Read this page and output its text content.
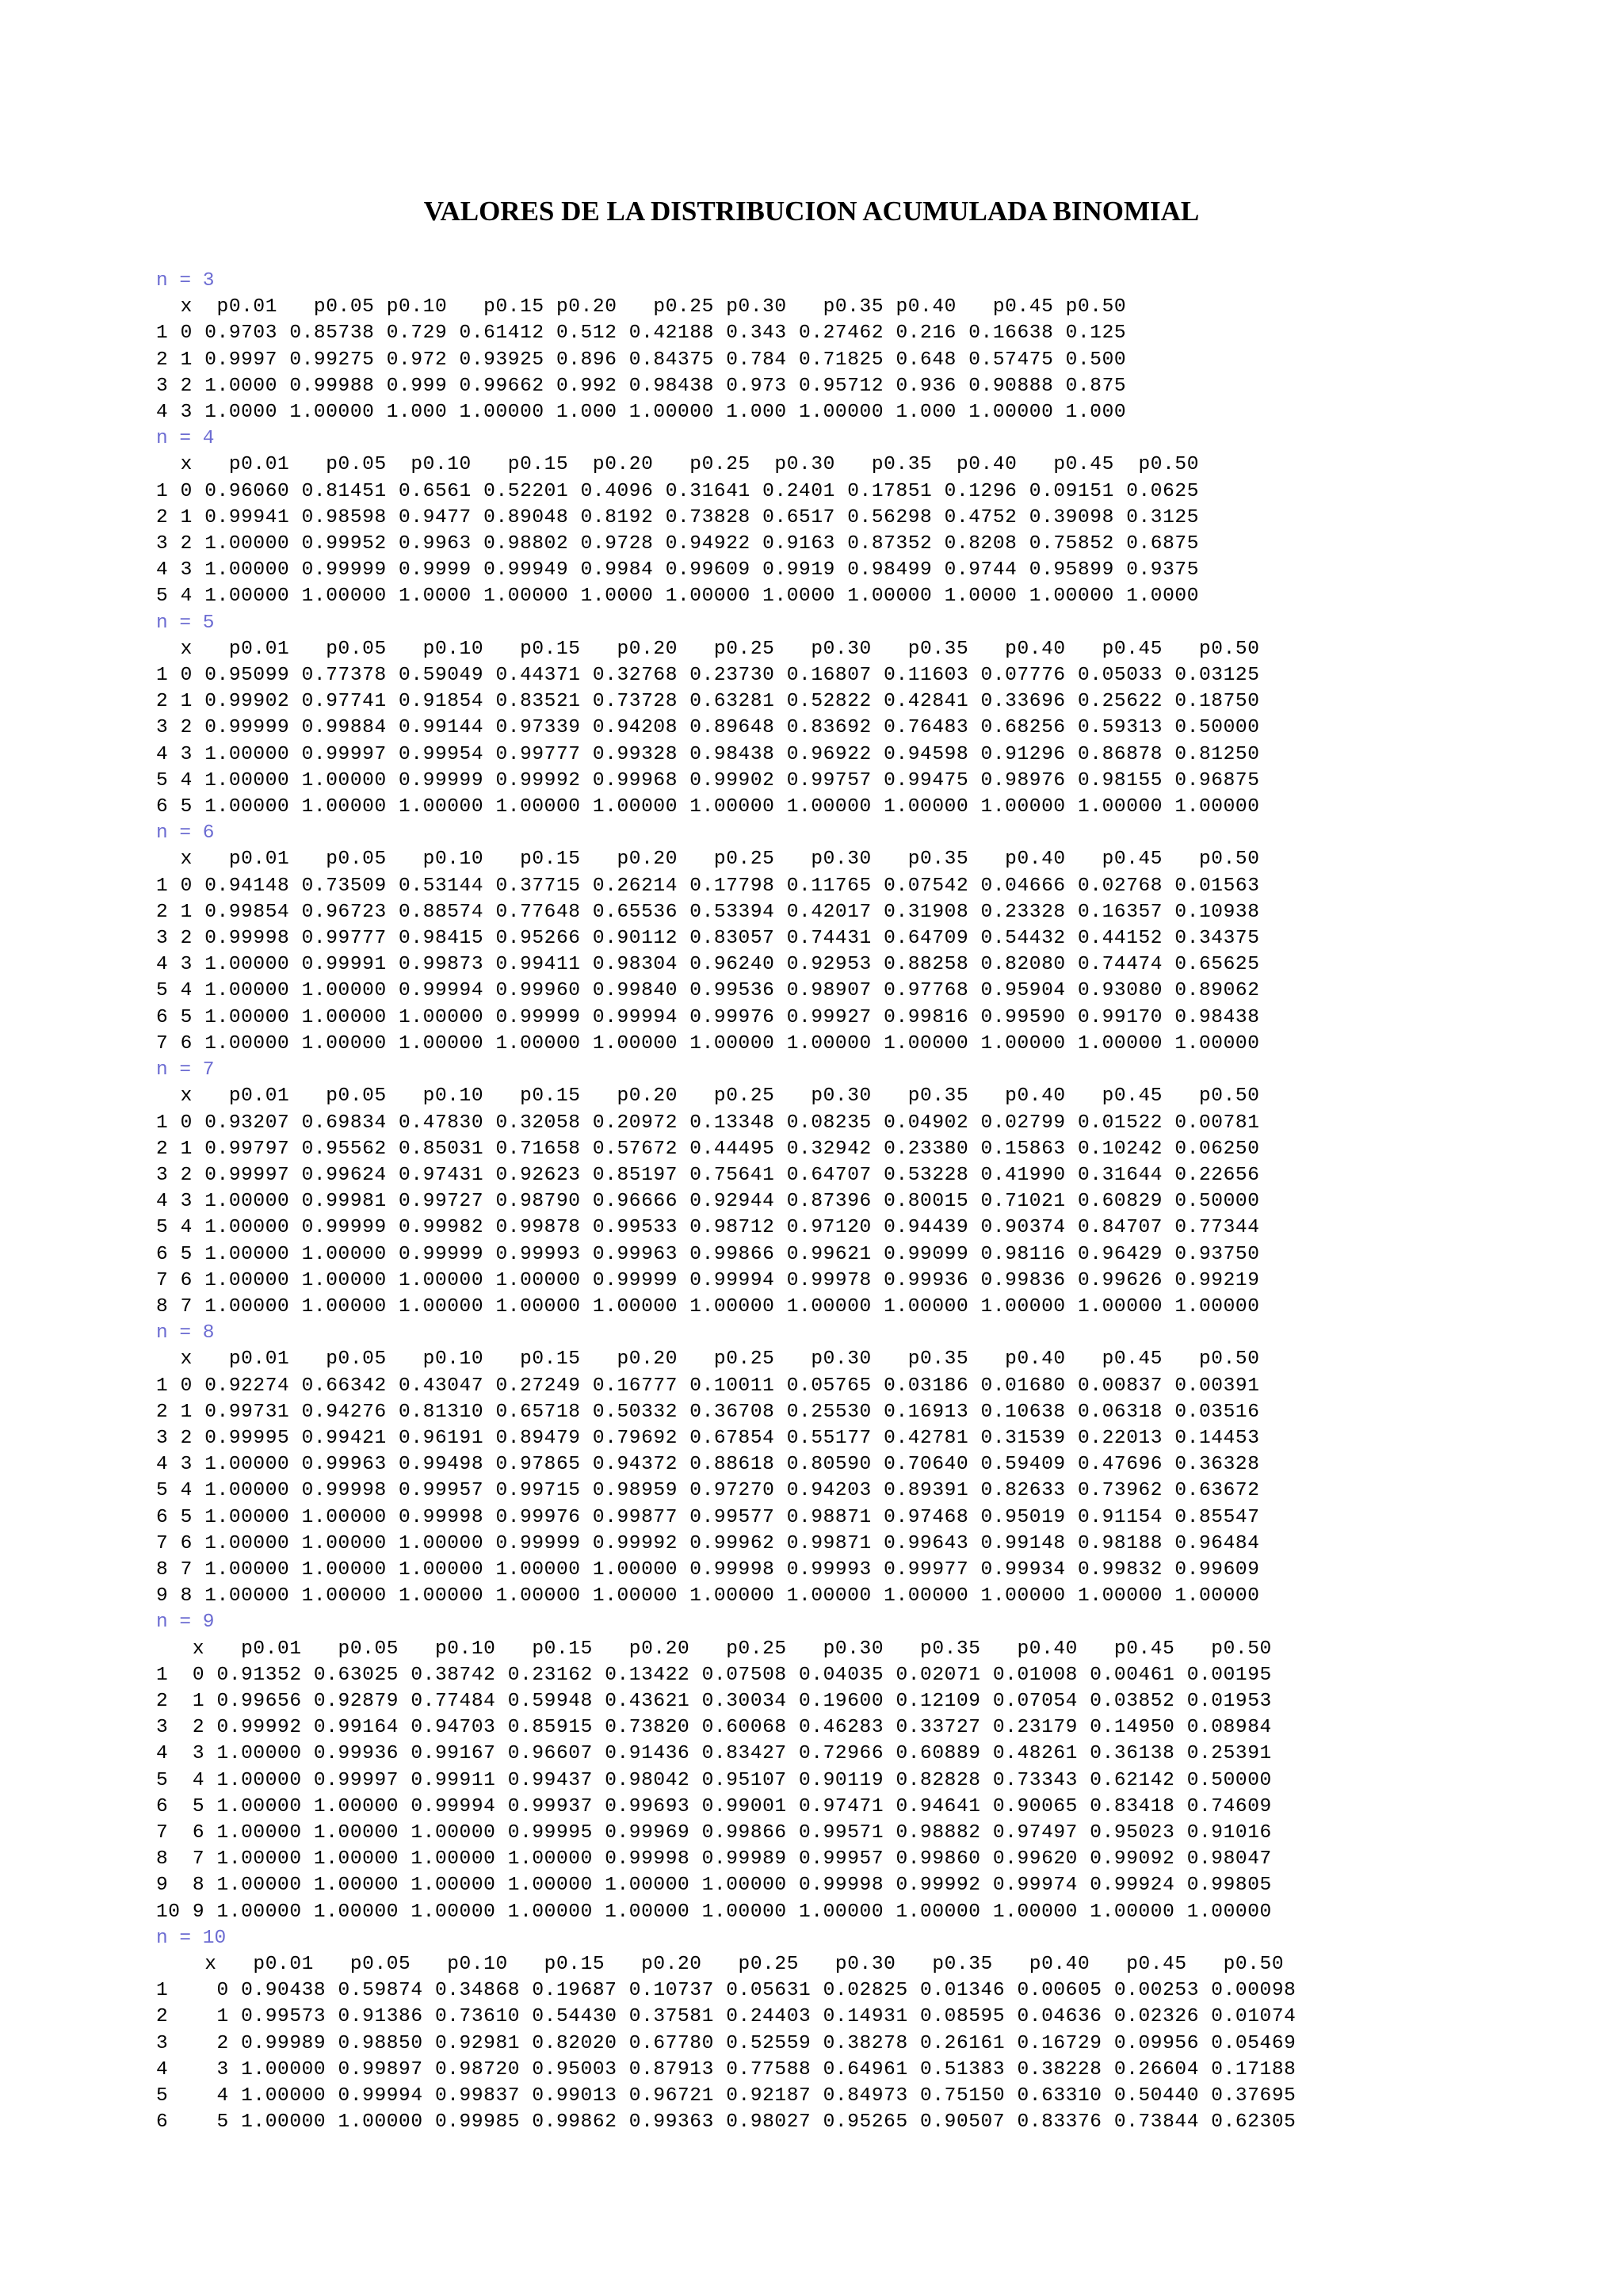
VALORES DE LA DISTRIBUCION ACUMULADA BINOMIAL
n = 3
x  p0.01   p0.05 p0.10   p0.15 p0.20   p0.25 p0.30   p0.35 p0.40   p0.45 p0.50
1 0 0.9703 0.85738 0.729 0.61412 0.512 0.42188 0.343 0.27462 0.216 0.16638 0.125
2 1 0.9997 0.99275 0.972 0.93925 0.896 0.84375 0.784 0.71825 0.648 0.57475 0.500
3 2 1.0000 0.99988 0.999 0.99662 0.992 0.98438 0.973 0.95712 0.936 0.90888 0.875
4 3 1.0000 1.00000 1.000 1.00000 1.000 1.00000 1.000 1.00000 1.000 1.00000 1.000
n = 4
x   p0.01   p0.05  p0.10   p0.15  p0.20   p0.25  p0.30   p0.35  p0.40   p0.45  p0.50
1 0 0.96060 0.81451 0.6561 0.52201 0.4096 0.31641 0.2401 0.17851 0.1296 0.09151 0.0625
2 1 0.99941 0.98598 0.9477 0.89048 0.8192 0.73828 0.6517 0.56298 0.4752 0.39098 0.3125
3 2 1.00000 0.99952 0.9963 0.98802 0.9728 0.94922 0.9163 0.87352 0.8208 0.75852 0.6875
4 3 1.00000 0.99999 0.9999 0.99949 0.9984 0.99609 0.9919 0.98499 0.9744 0.95899 0.9375
5 4 1.00000 1.00000 1.0000 1.00000 1.0000 1.00000 1.0000 1.00000 1.0000 1.00000 1.0000
n = 5
x   p0.01   p0.05   p0.10   p0.15   p0.20   p0.25   p0.30   p0.35   p0.40   p0.45   p0.50
1 0 0.95099 0.77378 0.59049 0.44371 0.32768 0.23730 0.16807 0.11603 0.07776 0.05033 0.03125
2 1 0.99902 0.97741 0.91854 0.83521 0.73728 0.63281 0.52822 0.42841 0.33696 0.25622 0.18750
3 2 0.99999 0.99884 0.99144 0.97339 0.94208 0.89648 0.83692 0.76483 0.68256 0.59313 0.50000
4 3 1.00000 0.99997 0.99954 0.99777 0.99328 0.98438 0.96922 0.94598 0.91296 0.86878 0.81250
5 4 1.00000 1.00000 0.99999 0.99992 0.99968 0.99902 0.99757 0.99475 0.98976 0.98155 0.96875
6 5 1.00000 1.00000 1.00000 1.00000 1.00000 1.00000 1.00000 1.00000 1.00000 1.00000 1.00000
n = 6
x   p0.01   p0.05   p0.10   p0.15   p0.20   p0.25   p0.30   p0.35   p0.40   p0.45   p0.50
1 0 0.94148 0.73509 0.53144 0.37715 0.26214 0.17798 0.11765 0.07542 0.04666 0.02768 0.01563
2 1 0.99854 0.96723 0.88574 0.77648 0.65536 0.53394 0.42017 0.31908 0.23328 0.16357 0.10938
3 2 0.99998 0.99777 0.98415 0.95266 0.90112 0.83057 0.74431 0.64709 0.54432 0.44152 0.34375
4 3 1.00000 0.99991 0.99873 0.99411 0.98304 0.96240 0.92953 0.88258 0.82080 0.74474 0.65625
5 4 1.00000 1.00000 0.99994 0.99960 0.99840 0.99536 0.98907 0.97768 0.95904 0.93080 0.89062
6 5 1.00000 1.00000 1.00000 0.99999 0.99994 0.99976 0.99927 0.99816 0.99590 0.99170 0.98438
7 6 1.00000 1.00000 1.00000 1.00000 1.00000 1.00000 1.00000 1.00000 1.00000 1.00000 1.00000
n = 7
x   p0.01   p0.05   p0.10   p0.15   p0.20   p0.25   p0.30   p0.35   p0.40   p0.45   p0.50
1 0 0.93207 0.69834 0.47830 0.32058 0.20972 0.13348 0.08235 0.04902 0.02799 0.01522 0.00781
2 1 0.99797 0.95562 0.85031 0.71658 0.57672 0.44495 0.32942 0.23380 0.15863 0.10242 0.06250
3 2 0.99997 0.99624 0.97431 0.92623 0.85197 0.75641 0.64707 0.53228 0.41990 0.31644 0.22656
4 3 1.00000 0.99981 0.99727 0.98790 0.96666 0.92944 0.87396 0.80015 0.71021 0.60829 0.50000
5 4 1.00000 0.99999 0.99982 0.99878 0.99533 0.98712 0.97120 0.94439 0.90374 0.84707 0.77344
6 5 1.00000 1.00000 0.99999 0.99993 0.99963 0.99866 0.99621 0.99099 0.98116 0.96429 0.93750
7 6 1.00000 1.00000 1.00000 1.00000 0.99999 0.99994 0.99978 0.99936 0.99836 0.99626 0.99219
8 7 1.00000 1.00000 1.00000 1.00000 1.00000 1.00000 1.00000 1.00000 1.00000 1.00000 1.00000
n = 8
x   p0.01   p0.05   p0.10   p0.15   p0.20   p0.25   p0.30   p0.35   p0.40   p0.45   p0.50
1 0 0.92274 0.66342 0.43047 0.27249 0.16777 0.10011 0.05765 0.03186 0.01680 0.00837 0.00391
2 1 0.99731 0.94276 0.81310 0.65718 0.50332 0.36708 0.25530 0.16913 0.10638 0.06318 0.03516
3 2 0.99995 0.99421 0.96191 0.89479 0.79692 0.67854 0.55177 0.42781 0.31539 0.22013 0.14453
4 3 1.00000 0.99963 0.99498 0.97865 0.94372 0.88618 0.80590 0.70640 0.59409 0.47696 0.36328
5 4 1.00000 0.99998 0.99957 0.99715 0.98959 0.97270 0.94203 0.89391 0.82633 0.73962 0.63672
6 5 1.00000 1.00000 0.99998 0.99976 0.99877 0.99577 0.98871 0.97468 0.95019 0.91154 0.85547
7 6 1.00000 1.00000 1.00000 0.99999 0.99992 0.99962 0.99871 0.99643 0.99148 0.98188 0.96484
8 7 1.00000 1.00000 1.00000 1.00000 1.00000 0.99998 0.99993 0.99977 0.99934 0.99832 0.99609
9 8 1.00000 1.00000 1.00000 1.00000 1.00000 1.00000 1.00000 1.00000 1.00000 1.00000 1.00000
n = 9
x   p0.01   p0.05   p0.10   p0.15   p0.20   p0.25   p0.30   p0.35   p0.40   p0.45   p0.50
1  0 0.91352 0.63025 0.38742 0.23162 0.13422 0.07508 0.04035 0.02071 0.01008 0.00461 0.00195
2  1 0.99656 0.92879 0.77484 0.59948 0.43621 0.30034 0.19600 0.12109 0.07054 0.03852 0.01953
3  2 0.99992 0.99164 0.94703 0.85915 0.73820 0.60068 0.46283 0.33727 0.23179 0.14950 0.08984
4  3 1.00000 0.99936 0.99167 0.96607 0.91436 0.83427 0.72966 0.60889 0.48261 0.36138 0.25391
5  4 1.00000 0.99997 0.99911 0.99437 0.98042 0.95107 0.90119 0.82828 0.73343 0.62142 0.50000
6  5 1.00000 1.00000 0.99994 0.99937 0.99693 0.99001 0.97471 0.94641 0.90065 0.83418 0.74609
7  6 1.00000 1.00000 1.00000 0.99995 0.99969 0.99866 0.99571 0.98882 0.97497 0.95023 0.91016
8  7 1.00000 1.00000 1.00000 1.00000 0.99998 0.99989 0.99957 0.99860 0.99620 0.99092 0.98047
9  8 1.00000 1.00000 1.00000 1.00000 1.00000 1.00000 0.99998 0.99992 0.99974 0.99924 0.99805
10 9 1.00000 1.00000 1.00000 1.00000 1.00000 1.00000 1.00000 1.00000 1.00000 1.00000 1.00000
n = 10
x   p0.01   p0.05   p0.10   p0.15   p0.20   p0.25   p0.30   p0.35   p0.40   p0.45   p0.50
1    0 0.90438 0.59874 0.34868 0.19687 0.10737 0.05631 0.02825 0.01346 0.00605 0.00253 0.00098
2    1 0.99573 0.91386 0.73610 0.54430 0.37581 0.24403 0.14931 0.08595 0.04636 0.02326 0.01074
3    2 0.99989 0.98850 0.92981 0.82020 0.67780 0.52559 0.38278 0.26161 0.16729 0.09956 0.05469
4    3 1.00000 0.99897 0.98720 0.95003 0.87913 0.77588 0.64961 0.51383 0.38228 0.26604 0.17188
5    4 1.00000 0.99994 0.99837 0.99013 0.96721 0.92187 0.84973 0.75150 0.63310 0.50440 0.37695
6    5 1.00000 1.00000 0.99985 0.99862 0.99363 0.98027 0.95265 0.90507 0.83376 0.73844 0.62305
